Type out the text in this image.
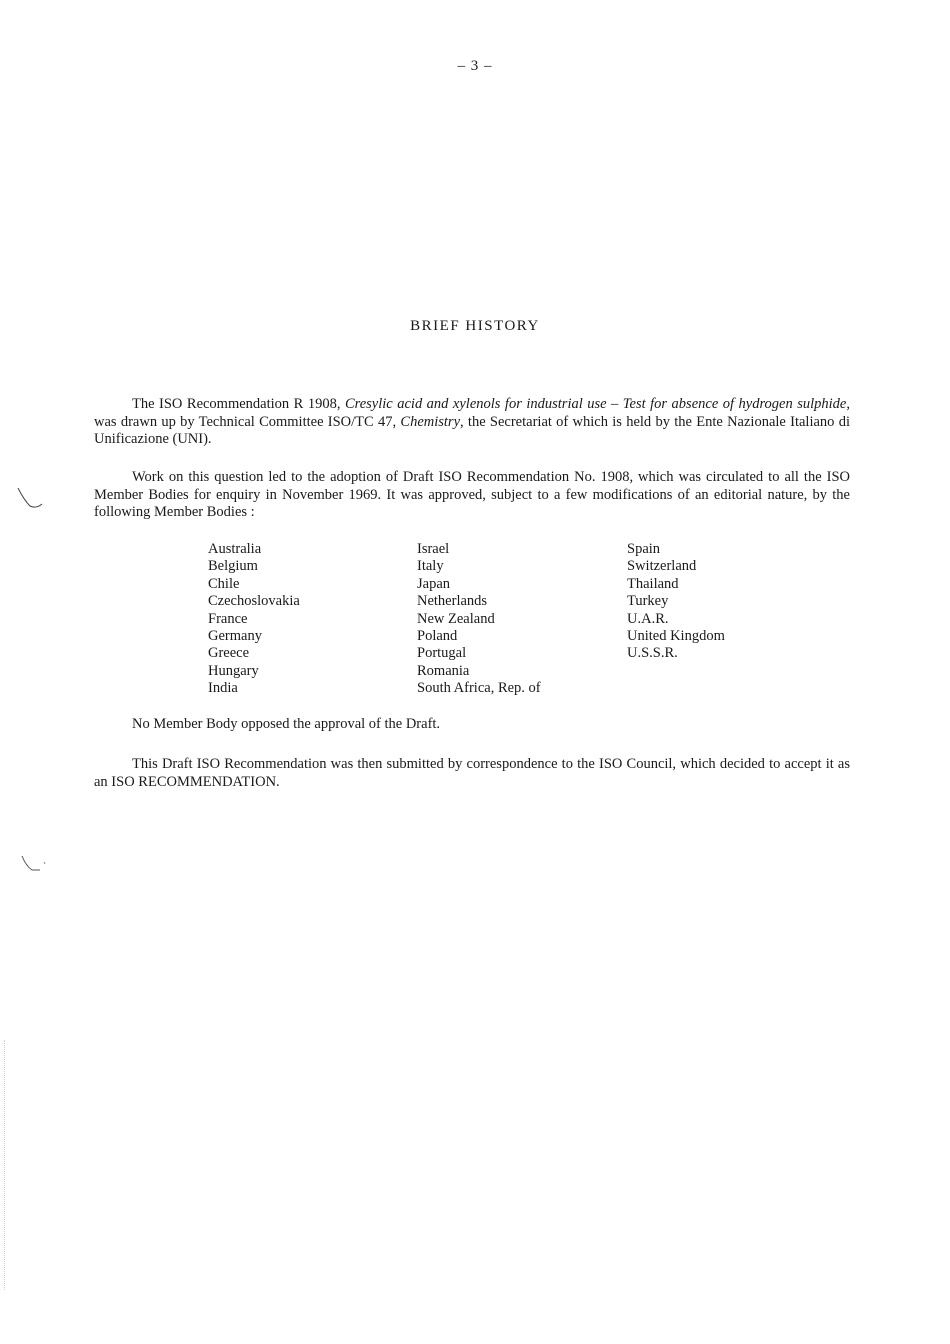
– 3 –
BRIEF HISTORY

The ISO Recommendation R 1908, Cresylic acid and xylenols for industrial use – Test for absence of hydrogen sulphide, was drawn up by Technical Committee ISO/TC 47, Chemistry, the Secretariat of which is held by the Ente Nazionale Italiano di Unificazione (UNI).

Work on this question led to the adoption of Draft ISO Recommendation No. 1908, which was circulated to all the ISO Member Bodies for enquiry in November 1969. It was approved, subject to a few modifications of an editorial nature, by the following Member Bodies :

Australia
Belgium
Chile
Czechoslovakia
France
Germany
Greece
Hungary
India
Israel
Italy
Japan
Netherlands
New Zealand
Poland
Portugal
Romania
South Africa, Rep. of
Spain
Switzerland
Thailand
Turkey
U.A.R.
United Kingdom
U.S.S.R.

No Member Body opposed the approval of the Draft.

This Draft ISO Recommendation was then submitted by correspondence to the ISO Council, which decided to accept it as an ISO RECOMMENDATION.
